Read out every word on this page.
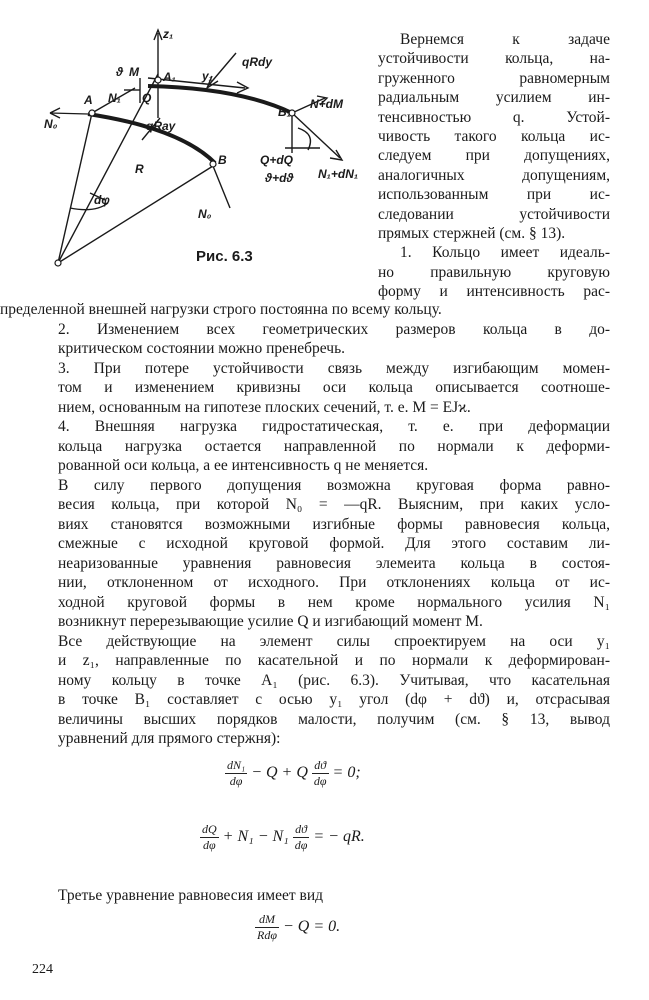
z₁
ϑ M A₁ y₁
qRdy
A N₁ Q
N₀	qRay
B₁
N+dM
R
B	Q+dQ
ϑ+dϑ N₁+dN₁
N₀
dφ
Рис. 6.3
Вернемся к задаче
устойчивости кольца, на-
груженного равномерным
радиальным усилием ин-
тенсивностью q. Устой-
чивость такого кольца ис-
следуем при допущениях,
аналогичных допущениям,
использованным при ис-
следовании устойчивости
прямых стержней (см. § 13).
1. Кольцо имеет идеаль-
но правильную круговую
форму и интенсивность рас-
пределенной внешней нагрузки строго постоянна по всему кольцу.
2. Изменением всех геометрических размеров кольца в до-
критическом состоянии можно пренебречь.
3. При потере устойчивости связь между изгибающим момен-
том и изменением кривизны оси кольца описывается соотноше-
нием, основанным на гипотезе плоских сечений, т. е. M = EJϰ.
4. Внешняя нагрузка гидростатическая, т. е. при деформации
кольца нагрузка остается направленной по нормали к деформи-
рованной оси кольца, а ее интенсивность q не меняется.
В силу первого допущения возможна круговая форма равно-
весия кольца, при которой N₀ = —qR. Выясним, при каких усло-
виях становятся возможными изгибные формы равновесия кольца,
смежные с исходной круговой формой. Для этого составим ли-
неаризованные уравнения равновесия элемеита кольца в состоя-
нии, отклоненном от исходного. При отклонениях кольца от ис-
ходной круговой формы в нем кроме нормального усилия N₁
возникнут перерезывающие усилие Q и изгибающий момент M.
Все действующие на элемент силы спроектируем на оси y₁
и z₁, направленные по касательной и по нормали к деформирован-
ному кольцу в точке A₁ (рис. 6.3). Учитывая, что касательная
в точке B₁ составляет с осью y₁ угол (dφ + dϑ) и, отсрасывая
величины высших порядков малости, получим (см. § 13, вывод
уравнений для прямого стержня):
$\frac{\text{dN₁}}{d\varphi} - Q + Q \frac{dϑ}{d\varphi} = 0$;
$\frac{dQ}{d\varphi} + N_1 - N_1 \frac{dϑ}{d\varphi}$ = − qR.
Третье уравнение равновесия имеет вид
$\frac{dM}{\text{Rdφ}} - Q = 0$.
224
